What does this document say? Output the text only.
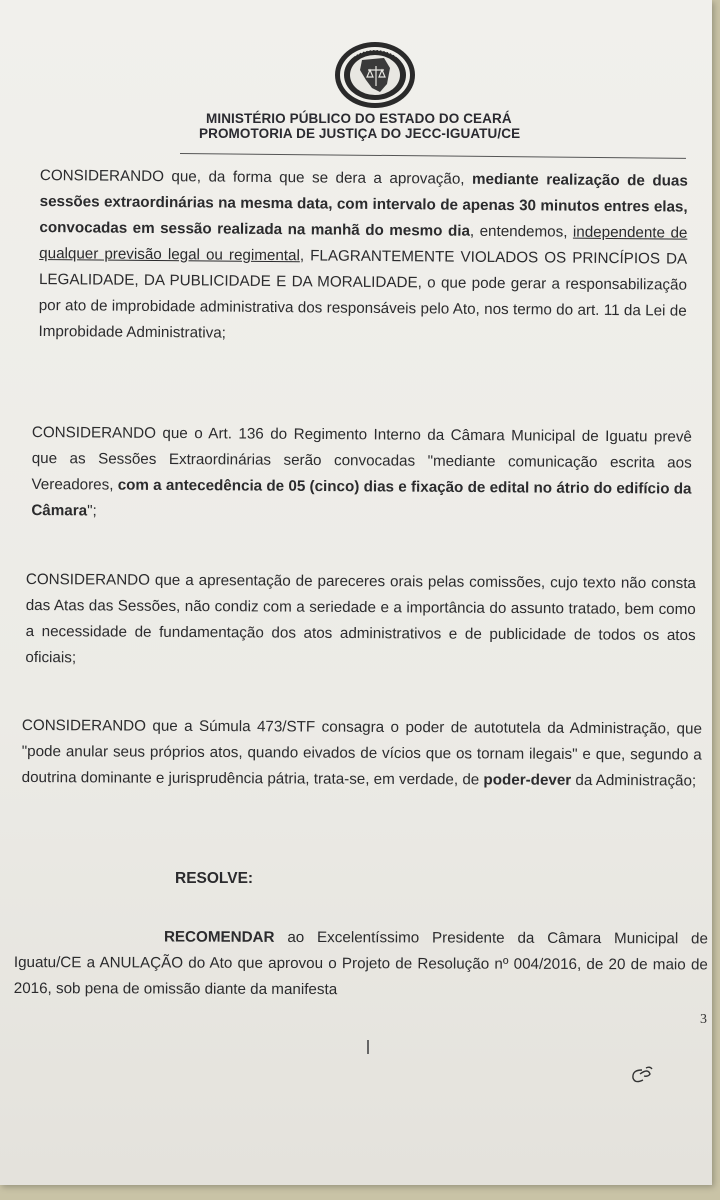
MINISTÉRIO PÚBLICO DO ESTADO DO CEARÁ
PROMOTORIA DE JUSTIÇA DO JECC-IGUATU/CE
CONSIDERANDO que, da forma que se dera a aprovação, mediante realização de duas sessões extraordinárias na mesma data, com intervalo de apenas 30 minutos entres elas, convocadas em sessão realizada na manhã do mesmo dia, entendemos, independente de qualquer previsão legal ou regimental, FLAGRANTEMENTE VIOLADOS OS PRINCÍPIOS DA LEGALIDADE, DA PUBLICIDADE E DA MORALIDADE, o que pode gerar a responsabilização por ato de improbidade administrativa dos responsáveis pelo Ato, nos termo do art. 11 da Lei de Improbidade Administrativa;
CONSIDERANDO que o Art. 136 do Regimento Interno da Câmara Municipal de Iguatu prevê que as Sessões Extraordinárias serão convocadas "mediante comunicação escrita aos Vereadores, com a antecedência de 05 (cinco) dias e fixação de edital no átrio do edifício da Câmara";
CONSIDERANDO que a apresentação de pareceres orais pelas comissões, cujo texto não consta das Atas das Sessões, não condiz com a seriedade e a importância do assunto tratado, bem como a necessidade de fundamentação dos atos administrativos e de publicidade de todos os atos oficiais;
CONSIDERANDO que a Súmula 473/STF consagra o poder de autotutela da Administração, que "pode anular seus próprios atos, quando eivados de vícios que os tornam ilegais" e que, segundo a doutrina dominante e jurisprudência pátria, trata-se, em verdade, de poder-dever da Administração;
RESOLVE:
RECOMENDAR ao Excelentíssimo Presidente da Câmara Municipal de Iguatu/CE a ANULAÇÃO do Ato que aprovou o Projeto de Resolução nº 004/2016, de 20 de maio de 2016, sob pena de omissão diante da manifesta
3
